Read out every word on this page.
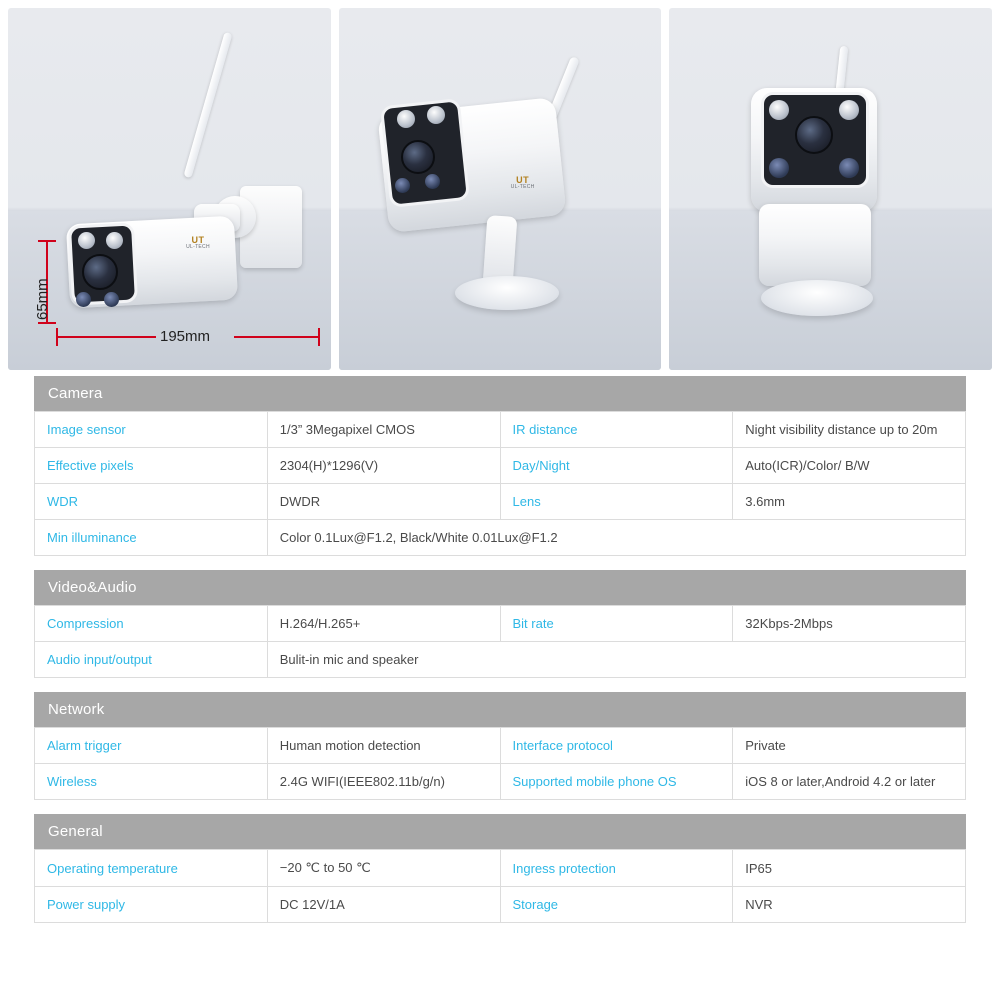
UT
UL-TECH
195mm
65mm
UT
UL-TECH
Camera
Image sensor	1/3” 3Megapixel CMOS	IR distance	Night visibility distance up to 20m
Effective pixels	2304(H)*1296(V)	Day/Night	Auto(ICR)/Color/ B/W
WDR	DWDR	Lens	3.6mm
Min illuminance	Color 0.1Lux@F1.2, Black/White 0.01Lux@F1.2		
Video&Audio
Compression	H.264/H.265+	Bit rate	32Kbps-2Mbps
Audio input/output	Bulit-in mic and speaker		
Network
Alarm trigger	Human motion detection	Interface protocol	Private
Wireless	2.4G WIFI(IEEE802.11b/g/n)	Supported mobile phone OS	iOS 8 or later,Android 4.2 or later
General
Operating temperature	−20 ℃ to 50 ℃	Ingress protection	IP65
Power supply	DC 12V/1A	Storage	NVR
